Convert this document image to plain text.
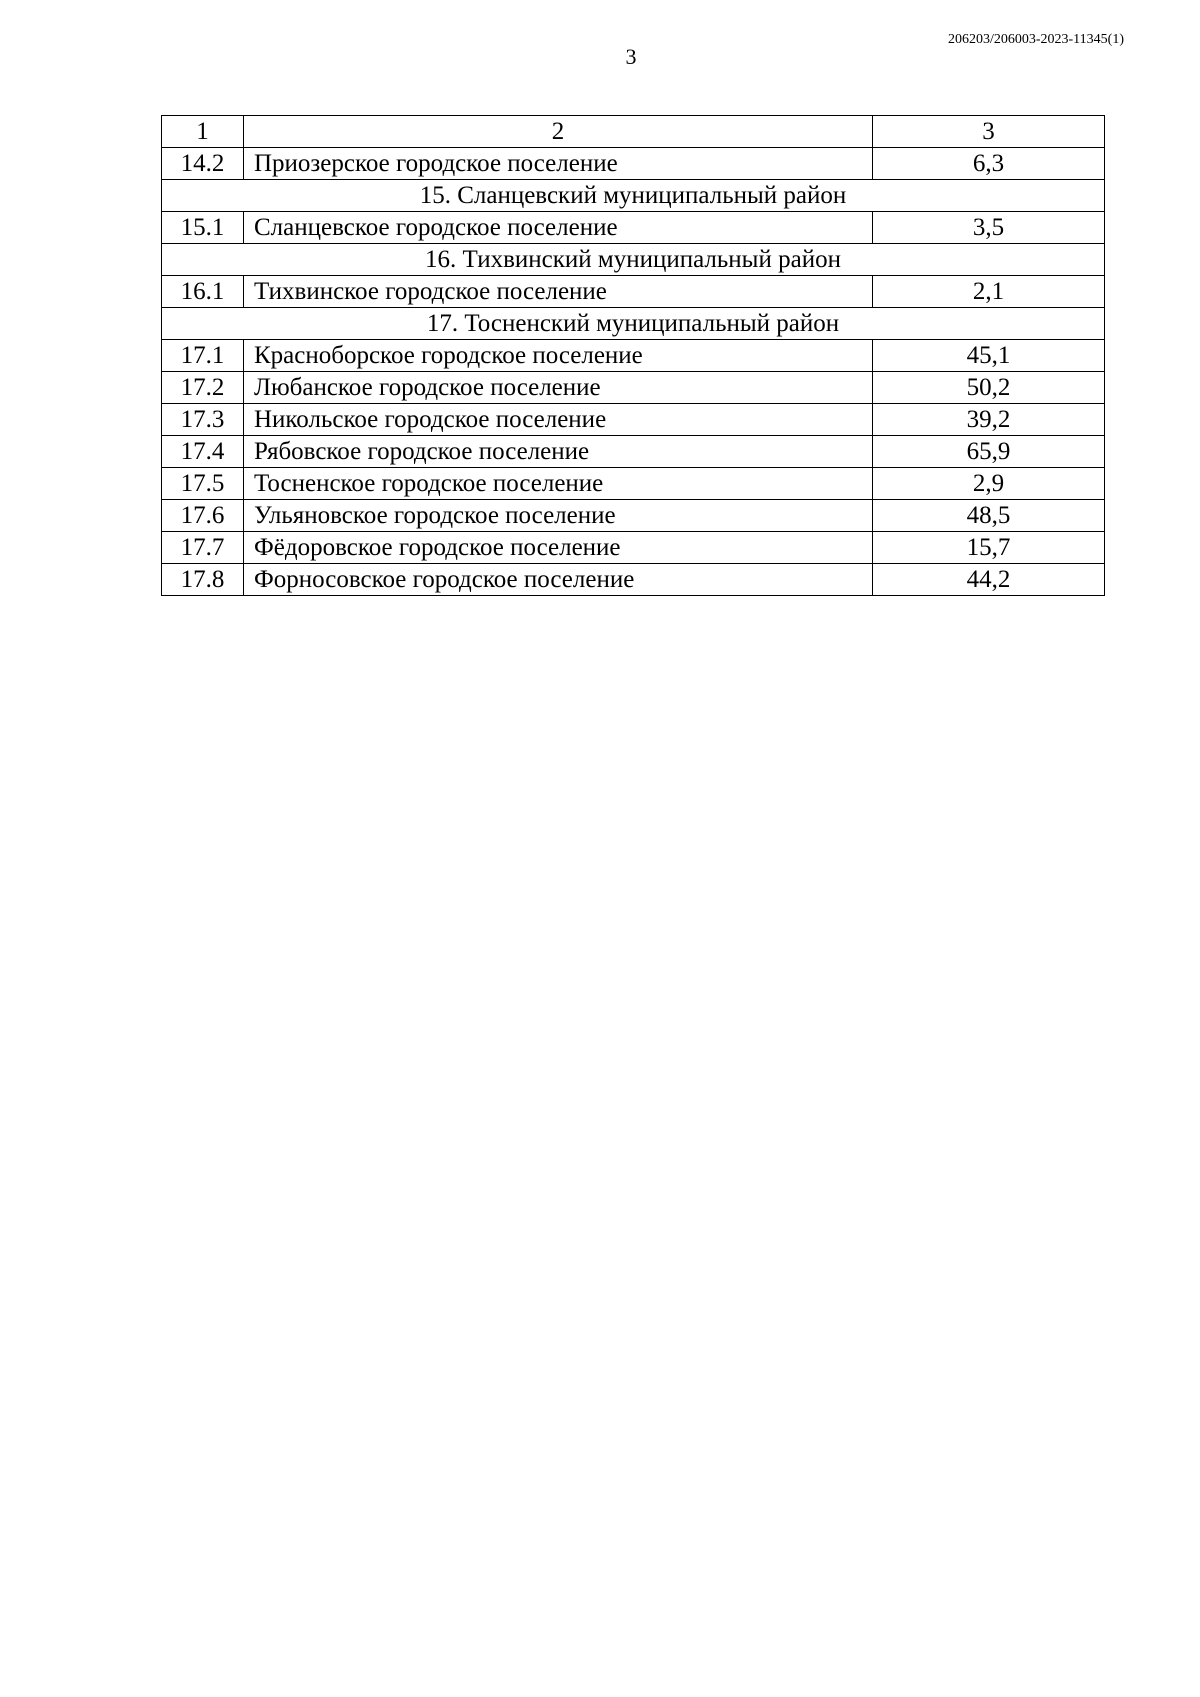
206203/206003-2023-11345(1)
3
1	2	3
14.2	Приозерское городское поселение	6,3
15. Сланцевский муниципальный район		
15.1	Сланцевское городское поселение	3,5
16. Тихвинский муниципальный район		
16.1	Тихвинское городское поселение	2,1
17. Тосненский муниципальный район		
17.1	Красноборское городское поселение	45,1
17.2	Любанское городское поселение	50,2
17.3	Никольское городское поселение	39,2
17.4	Рябовское городское поселение	65,9
17.5	Тосненское городское поселение	2,9
17.6	Ульяновское городское поселение	48,5
17.7	Фёдоровское городское поселение	15,7
17.8	Форносовское городское поселение	44,2
